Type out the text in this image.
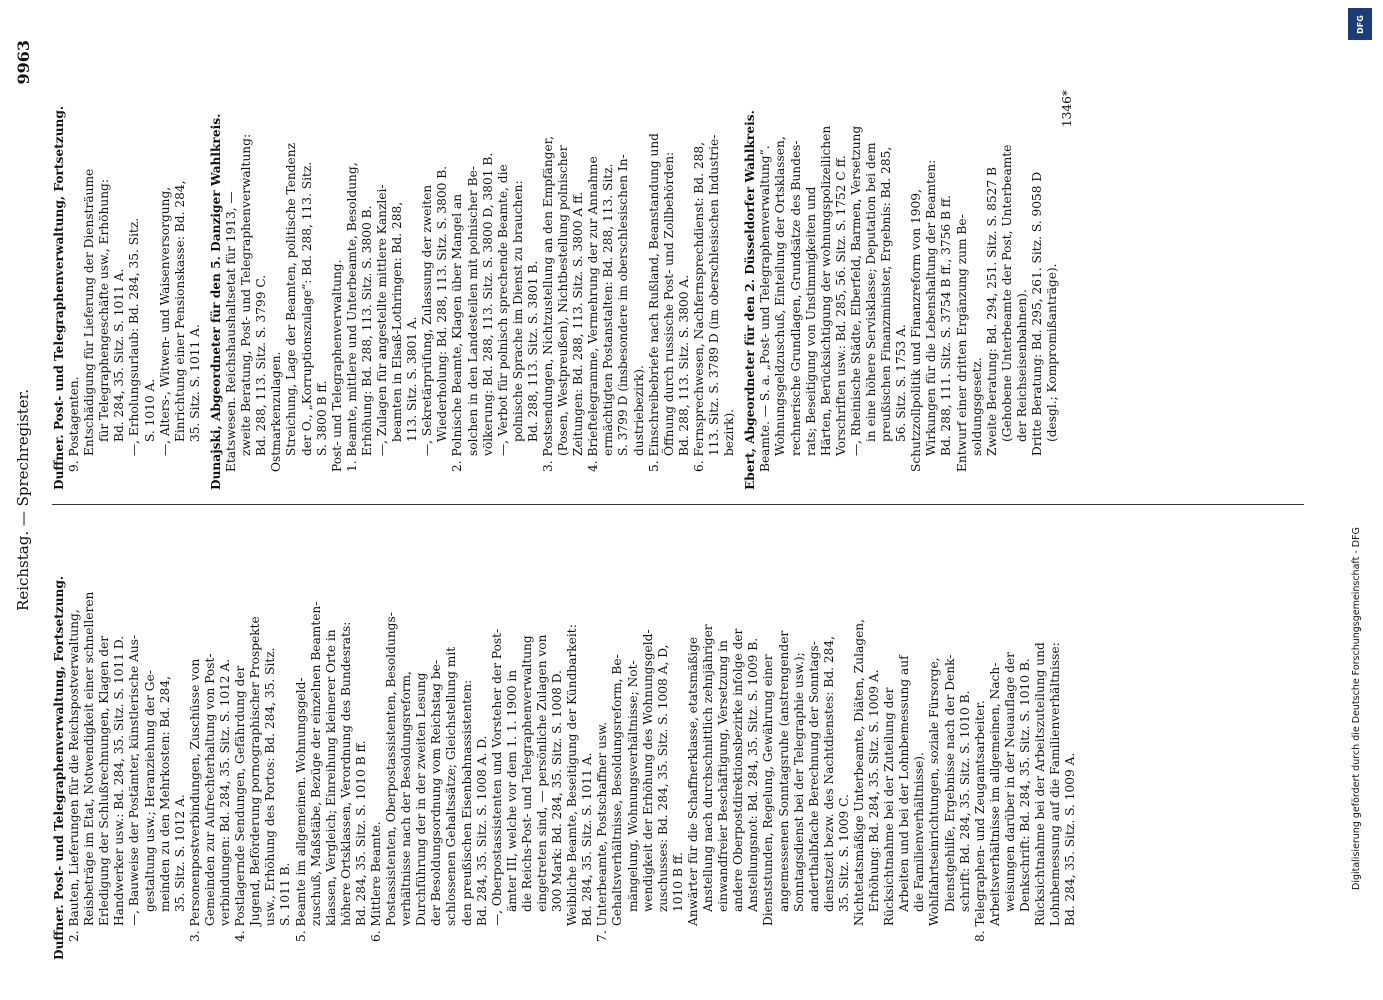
Reichstag. — Sprechregister.
9963
Duffner. Post- und Telegraphenverwaltung, Fortsetzung. 2. Bauten, Lieferungen für die Reichspostverwaltung, Reisbeträge im Etat, Notwendigkeit einer schnelleren Erledigung der Schlußrechnungen, Klagen der Handwerker usw.: Bd. 284, 35. Sitz. S. 1011 D. —, Bauweise der Postämter, künstlerische Aus- gestaltung usw.; Heranziehung der Ge- meinden zu den Mehrkosten: Bd. 284, 35. Sitz. S. 1012 A. 3. Personenpostverbindungen, Zuschüsse von Gemeinden zur Aufrechterhaltung von Post- verbindungen: Bd. 284, 35. Sitz. S. 1012 A. 4. Postlagernde Sendungen, Gefährdung der Jugend, Beförderung pornographischer Prospekte usw., Erhöhung des Portos: Bd. 284, 35. Sitz. S. 1011 B. 5. Beamte im allgemeinen. Wohnungsgeld- zuschuß, Maßstäbe, Bezüge der einzelnen Beamten- klassen, Vergleich; Einreihung kleinerer Orte in höhere Ortsklassen, Verordnung des Bundesrats: Bd. 284, 35. Sitz. S. 1010 B ff. 6. Mittlere Beamte. Postassistenten, Oberpostassistenten, Besoldungs- verhältnisse nach der Besoldungsreform, Durchführung der in der zweiten Lesung der Besoldungsordnung vom Reichstag be- schlossenen Gehaltssätze; Gleichstellung mit den preußischen Eisenbahnassistenten: Bd. 284, 35. Sitz. S. 1008 A. D. —, Oberpostassistenten und Vorsteher der Post- ämter III, welche vor dem 1. 1. 1900 in die Reichs-Post- und Telegraphenverwaltung eingetreten sind, — persönliche Zulagen von 300 Mark: Bd. 284, 35. Sitz. S. 1008 D. Weibliche Beamte, Beseitigung der Kündbarkeit: Bd. 284, 35. Sitz. S. 1011 A. 7. Unterbeamte, Postschaffner usw. Gehaltsverhältnisse, Besoldungsreform, Be- mängelung, Wohnungsverhältnisse; Not- wendigkeit der Erhöhung des Wohnungsgeld- zuschusses: Bd. 284, 35. Sitz. S. 1008 A, D, 1010 B ff. Anwärter für die Schaffnerklasse, etatsmäßige Anstellung nach durchschnittlich zehnjähriger einwandfreier Beschäftigung, Versetzung in andere Oberpostdirektionsbezirke infolge der Anstellungsnot: Bd. 284, 35. Sitz. S. 1009 B. Dienststunden, Regelung, Gewährung einer angemessenen Sonntagsruhe (anstrengender Sonntagsdienst bei der Telegraphie usw.); anderthalbfache Berechnung der Sonntags- dienstzeit bezw. des Nachtdienstes: Bd. 284, 35. Sitz. S. 1009 C. Nichtetatsmäßige Unterbeamte, Diäten, Zulagen, Erhöhung: Bd. 284, 35. Sitz. S. 1009 A. Rücksichtnahme bei der Zuteilung der Arbeiten und bei der Lohnbemessung auf die Familienverhältnisse). Wohlfahrtseinrichtungen, soziale Fürsorge, Dienstgehilfe, Ergebnisse nach der Denk- schrift: Bd. 284, 35. Sitz. S. 1010 B. 8. Telegraphen- und Zeugamtsarbeiter. Arbeitsverhältnisse im allgemeinen, Nach- weisungen darüber in der Neuauflage der Denkschrift: Bd. 284, 35. Sitz. S. 1010 B. Rücksichtnahme bei der Arbeitszuteilung und Lohnbemessung auf die Familienverhältnisse: Bd. 284, 35. Sitz. S. 1009 A.
Duffner. Post- und Telegraphenverwaltung, Fortsetzung. 9. Postagenten. Entschädigung für Lieferung der Diensträume für Telegraphengeschäfte usw., Erhöhung: Bd. 284, 35. Sitz. S. 1011 A. —, Erholungsurlaub: Bd. 284, 35. Sitz. S. 1010 A. —, Alters-, Witwen- und Waisenversorgung, Einrichtung einer Pensionskasse: Bd. 284, 35. Sitz. S. 1011 A. Dunajski, Abgeordneter für den 5. Danziger Wahlkreis. Etatswesen. Reichshaushaltsetat für 1913, — zweite Beratung, Post- und Telegraphenverwaltung: Bd. 288, 113. Sitz. S. 3799 C. Ostmarkenzulagen. Streichung, Lage der Beamten, politische Tendenz der O., „Korruptionszulage“: Bd. 288, 113. Sitz. S. 3800 B ff. Post- und Telegraphenverwaltung. 1. Beamte, mittlere und Unterbeamte, Besoldung, Erhöhung: Bd. 288, 113. Sitz. S. 3800 B. —, Zulagen für angestellte mittlere Kanzlei- beamten in Elsaß-Lothringen: Bd. 288, 113. Sitz. S. 3801 A. —, Sekretärprüfung, Zulassung der zweiten Wiederholung: Bd. 288, 113. Sitz. S. 3800 B. 2. Polnische Beamte, Klagen über Mangel an solchen in den Landesteilen mit polnischer Be- völkerung: Bd. 288, 113. Sitz. S. 3800 D, 3801 B. —, Verbot für polnisch sprechende Beamte, die polnische Sprache im Dienst zu brauchen: Bd. 288, 113. Sitz. S. 3801 B. 3. Postsendungen, Nichtzustellung an den Empfänger, (Posen, Westpreußen), Nichtbestellung polnischer Zeitungen: Bd. 288, 113. Sitz. S. 3800 A ff. 4. Brieftelegramme, Vermehrung der zur Annahme ermächtigten Postanstalten: Bd. 288, 113. Sitz. S. 3799 D (insbesondere im oberschlesischen In- dustriebezirk). 5. Einschreibebriefe nach Rußland, Beanstandung und Öffnung durch russische Post- und Zollbehörden: Bd. 288, 113. Sitz. S. 3800 A. 6. Fernsprechwesen, Nachfernsprechdienst: Bd. 288, 113. Sitz. S. 3789 D (im oberschlesischen Industrie- bezirk). Ebert, Abgeordneter für den 2. Düsseldorfer Wahlkreis. Beamte. — S. a. „Post- und Telegraphenverwaltung“. Wohnungsgeldzuschuß, Einteilung der Ortsklassen, rechnerische Grundlagen, Grundsätze des Bundes- rats; Beseitigung von Unstimmigkeiten und Härten, Berücksichtigung der wohnungspolizeilichen Vorschriften usw.: Bd. 285, 56. Sitz. S. 1752 C ff. —, Rheinische Städte, Elberfeld, Barmen, Versetzung in eine höhere Servisklasse; Deputation bei dem preußischen Finanzminister, Ergebnis: Bd. 285, 56. Sitz. S. 1753 A. Schutzzollpolitik und Finanzreform von 1909, Wirkungen für die Lebenshaltung der Beamten: Bd. 288, 111. Sitz. S. 3754 B ff., 3756 B ff. Entwurf einer dritten Ergänzung zum Be- soldungsgesetz. Zweite Beratung: Bd. 294, 251. Sitz. S. 8527 B (Gehobene Unterbeamte der Post, Unterbeamte der Reichseisenbahnen). Dritte Beratung: Bd. 295, 261. Sitz. S. 9058 D (desgl.; Kompromißanträge).
1346*
DFG
Digitalisierung gefördert durch die Deutsche Forschungsgemeinschaft - DFG
